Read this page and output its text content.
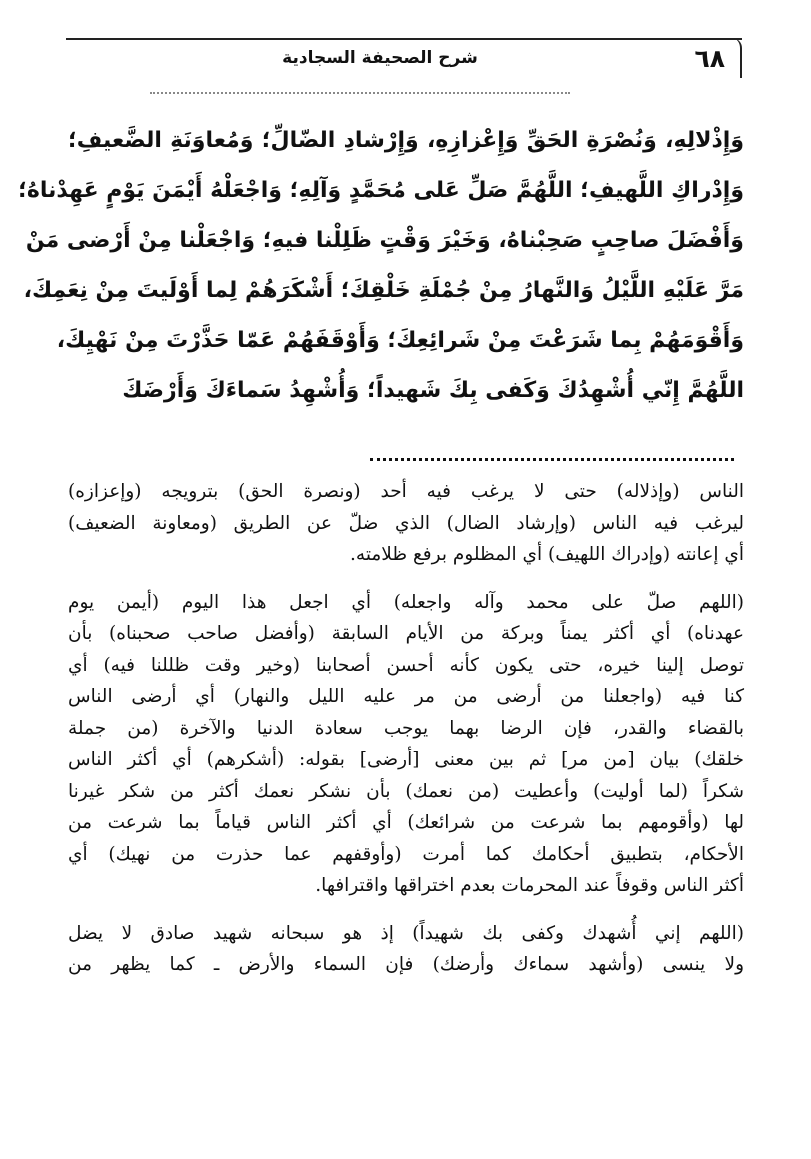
٦٨
شرح الصحيفة السجادية
وَإِذْلالِهِ، وَنُصْرَةِ الحَقِّ وَإِعْزازِهِ، وَإِرْشادِ الضّالِّ؛ وَمُعاوَنَةِ الضَّعيفِ؛
وَإِدْراكِ اللَّهيفِ؛ اللَّهُمَّ صَلِّ عَلى مُحَمَّدٍ وَآلِهِ؛ وَاجْعَلْهُ أَيْمَنَ يَوْمٍ عَهِدْناهُ؛
وَأَفْضَلَ صاحِبٍ صَحِبْناهُ، وَخَيْرَ وَقْتٍ ظَلِلْنا فيهِ؛ وَاجْعَلْنا مِنْ أَرْضى مَنْ
مَرَّ عَلَيْهِ اللَّيْلُ وَالنَّهارُ مِنْ جُمْلَةِ خَلْقِكَ؛ أَشْكَرَهُمْ لِما أَوْلَيتَ مِنْ نِعَمِكَ،
وَأَقْوَمَهُمْ بِما شَرَعْتَ مِنْ شَرائِعِكَ؛ وَأَوْقَفَهُمْ عَمّا حَذَّرْتَ مِنْ نَهْيِكَ،
اللَّهُمَّ إِنّي أُشْهِدُكَ وَكَفى بِكَ شَهيداً؛ وَأُشْهِدُ سَماءَكَ وَأَرْضَكَ
الناس (وإذلاله) حتى لا يرغب فيه أحد (ونصرة الحق) بترويجه (وإعزازه)
ليرغب فيه الناس (وإرشاد الضال) الذي ضلّ عن الطريق (ومعاونة الضعيف)
أي إعانته (وإدراك اللهيف) أي المظلوم برفع ظلامته.
(اللهم صلّ على محمد وآله واجعله) أي اجعل هذا اليوم (أيمن يوم
عهدناه) أي أكثر يمناً وبركة من الأيام السابقة (وأفضل صاحب صحبناه) بأن
توصل إلينا خيره، حتى يكون كأنه أحسن أصحابنا (وخير وقت ظللنا فيه) أي
كنا فيه (واجعلنا من أرضى من مر عليه الليل والنهار) أي أرضى الناس
بالقضاء والقدر، فإن الرضا بهما يوجب سعادة الدنيا والآخرة (من جملة
خلقك) بيان [من مر] ثم بين معنى [أرضى] بقوله: (أشكرهم) أي أكثر الناس
شكراً (لما أوليت) وأعطيت (من نعمك) بأن نشكر نعمك أكثر من شكر غيرنا
لها (وأقومهم بما شرعت من شرائعك) أي أكثر الناس قياماً بما شرعت من
الأحكام، بتطبيق أحكامك كما أمرت (وأوقفهم عما حذرت من نهيك) أي
أكثر الناس وقوفاً عند المحرمات بعدم اختراقها واقترافها.
(اللهم إني أُشهدك وكفى بك شهيداً) إذ هو سبحانه شهيد صادق لا يضل
ولا ينسى (وأشهد سماءك وأرضك) فإن السماء والأرض ـ كما يظهر من
